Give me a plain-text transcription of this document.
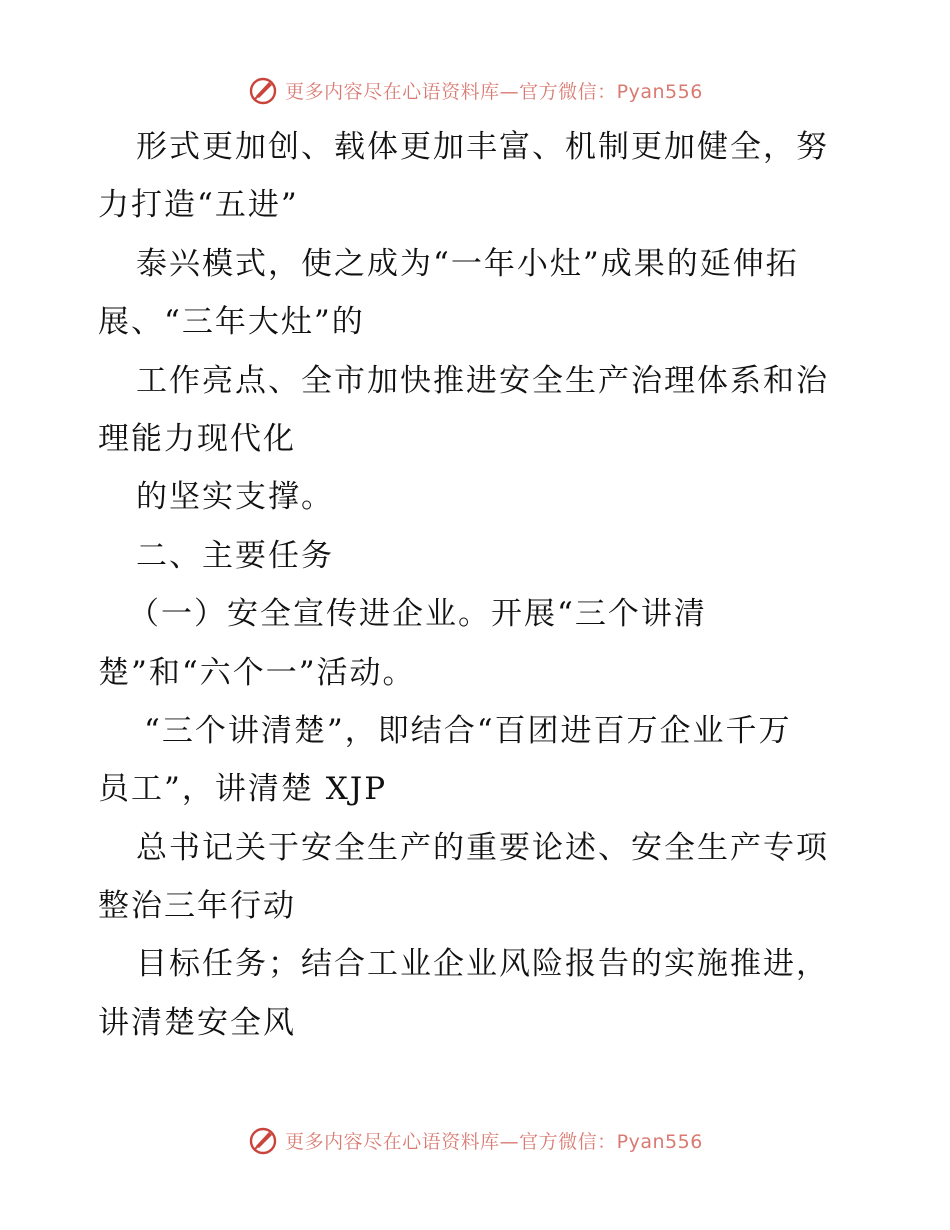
更多内容尽在心语资料库—官方微信：Pyan556
形式更加创、载体更加丰富、机制更加健全，努
力打造“五进”
泰兴模式，使之成为“一年小灶”成果的延伸拓
展、“三年大灶”的
工作亮点、全市加快推进安全生产治理体系和治
理能力现代化
的坚实支撑。
二、主要任务
（一）安全宣传进企业。开展“三个讲清
楚”和“六个一”活动。
“三个讲清楚”，即结合“百团进百万企业千万
员工”，讲清楚 XJP
总书记关于安全生产的重要论述、安全生产专项
整治三年行动
目标任务；结合工业企业风险报告的实施推进，
讲清楚安全风
更多内容尽在心语资料库—官方微信：Pyan556
